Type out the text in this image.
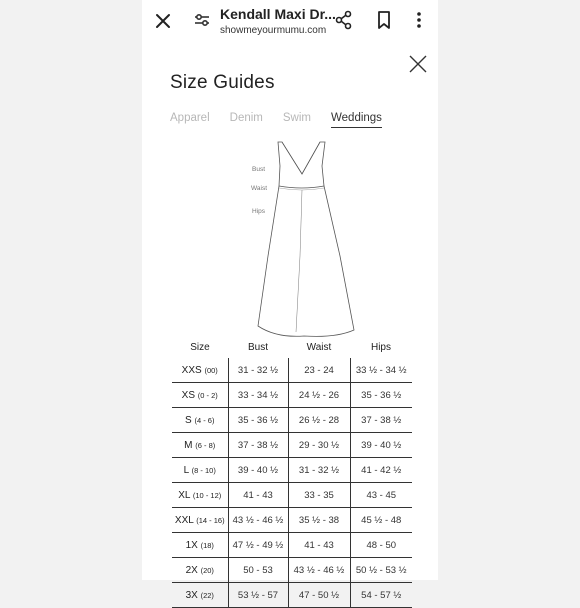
Kendall Maxi Dr...
showmeyourmumu.com
Size Guides
Apparel Denim Swim Weddings
Bust
Waist
Hips
Size	Bust	Waist	Hips
XXS (00)	31 - 32 ½	23 - 24	33 ½ - 34 ½
XS (0 - 2)	33 - 34 ½	24 ½ - 26	35 - 36 ½
S (4 - 6)	35 - 36 ½	26 ½ - 28	37 - 38 ½
M (6 - 8)	37 - 38 ½	29 - 30 ½	39 - 40 ½
L (8 - 10)	39 - 40 ½	31 - 32 ½	41 - 42 ½
XL (10 - 12)	41 - 43	33 - 35	43 - 45
XXL (14 - 16)	43 ½ - 46 ½	35 ½ - 38	45 ½ - 48
1X (18)	47 ½ - 49 ½	41 - 43	48 - 50
2X (20)	50 - 53	43 ½ - 46 ½	50 ½ - 53 ½
3X (22)	53 ½ - 57	47 - 50 ½	54 - 57 ½
